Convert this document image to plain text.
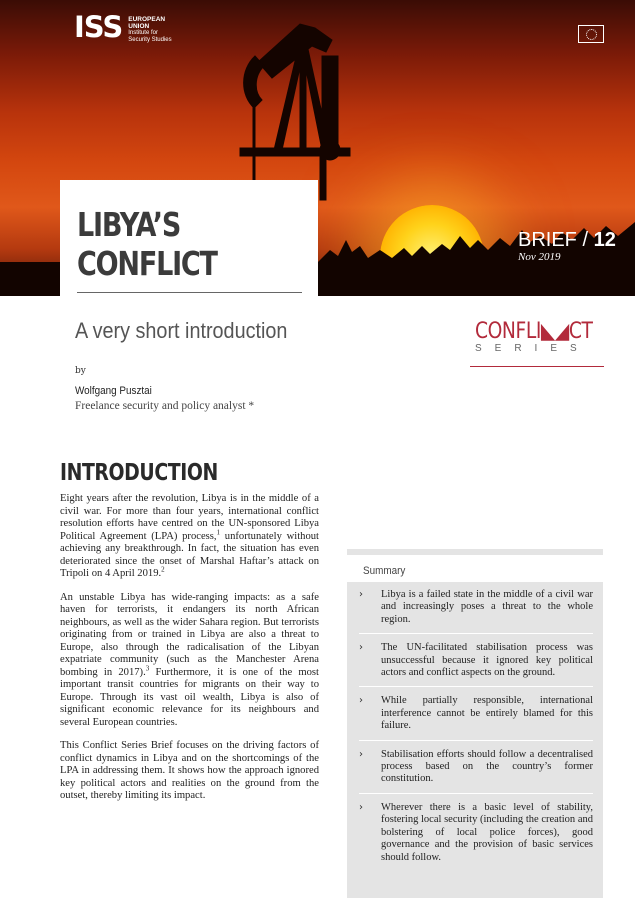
ISS EUROPEAN
UNION
Institute for
Security Studies
LIBYA’S
CONFLICT
BRIEF / 12
Nov 2019
A very short introduction	CONFLI◣◢CT
SERIES
by
Wolfgang Pusztai
Freelance security and policy analyst *
INTRODUCTION

Eight years after the revolution, Libya is in the middle of a civil war. For more than four years, international conflict resolution efforts have centred on the UN-sponsored Libya Political Agreement (LPA) process,$^1$ unfortunately without achieving any breakthrough. In fact, the situation has even deteriorated since the onset of Marshal Haftar’s attack on Tripoli on 4 April 2019.$^2$

An unstable Libya has wide-ranging impacts: as a safe haven for terrorists, it endangers its north African neighbours, as well as the wider Sahara region. But terrorists originating from or trained in Libya are also a threat to Europe, also through the radicalisation of the Libyan expatriate community (such as the Manchester Arena bombing in 2017).$^3$ Furthermore, it is one of the most important transit countries for migrants on their way to Europe. Through its vast oil wealth, Libya is also of significant economic relevance for its neighbours and several European countries.

This Conflict Series Brief focuses on the driving factors of conflict dynamics in Libya and on the shortcomings of the LPA in addressing them. It shows how the approach ignored key political actors and realities on the ground from the outset, thereby limiting its impact.

Summary
› Libya is a failed state in the middle of a civil war and increasingly poses a threat to the whole region.
› The UN-facilitated stabilisation process was unsuccessful because it ignored key political actors and conflict aspects on the ground.
› While partially responsible, international interference cannot be entirely blamed for this failure.
› Stabilisation efforts should follow a decentralised process based on the country’s former constitution.
› Wherever there is a basic level of stability, fostering local security (including the creation and bolstering of local police forces), good governance and the provision of basic services should follow.
